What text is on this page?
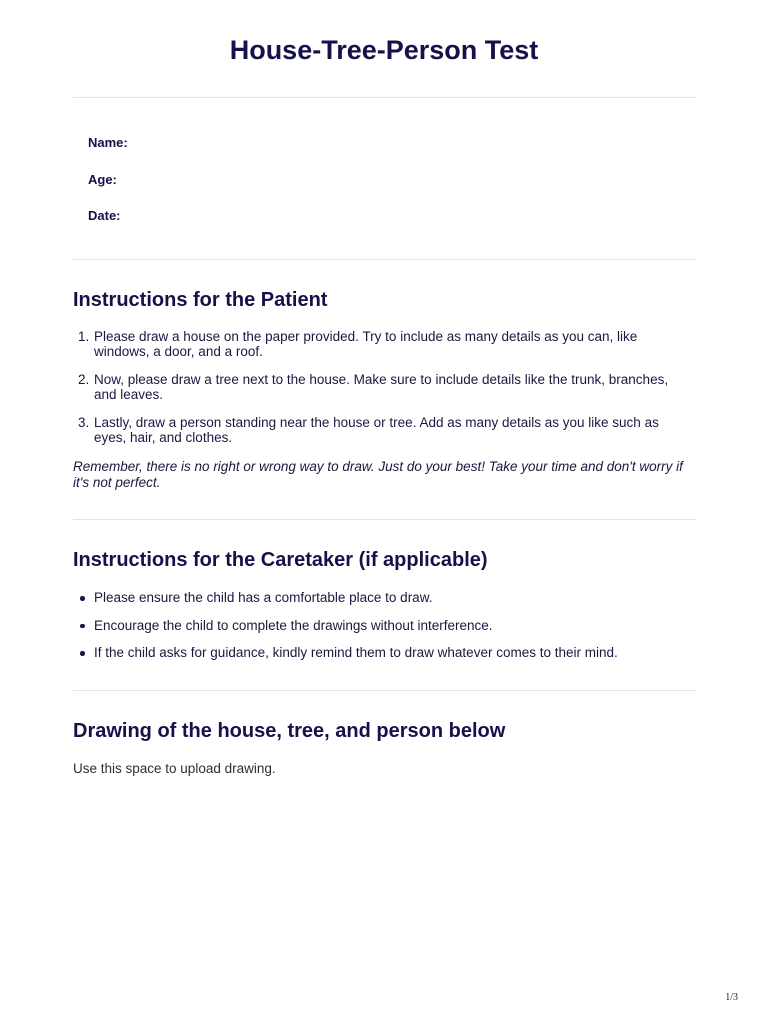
House-Tree-Person Test
Name:
Age:
Date:
Instructions for the Patient
1. Please draw a house on the paper provided. Try to include as many details as you can, like windows, a door, and a roof.
2. Now, please draw a tree next to the house. Make sure to include details like the trunk, branches, and leaves.
3. Lastly, draw a person standing near the house or tree. Add as many details as you like such as eyes, hair, and clothes.

Remember, there is no right or wrong way to draw. Just do your best! Take your time and don't worry if it's not perfect.

Instructions for the Caretaker (if applicable)
Please ensure the child has a comfortable place to draw.
Encourage the child to complete the drawings without interference.
If the child asks for guidance, kindly remind them to draw whatever comes to their mind.
Drawing of the house, tree, and person below

Use this space to upload drawing.

1/3
